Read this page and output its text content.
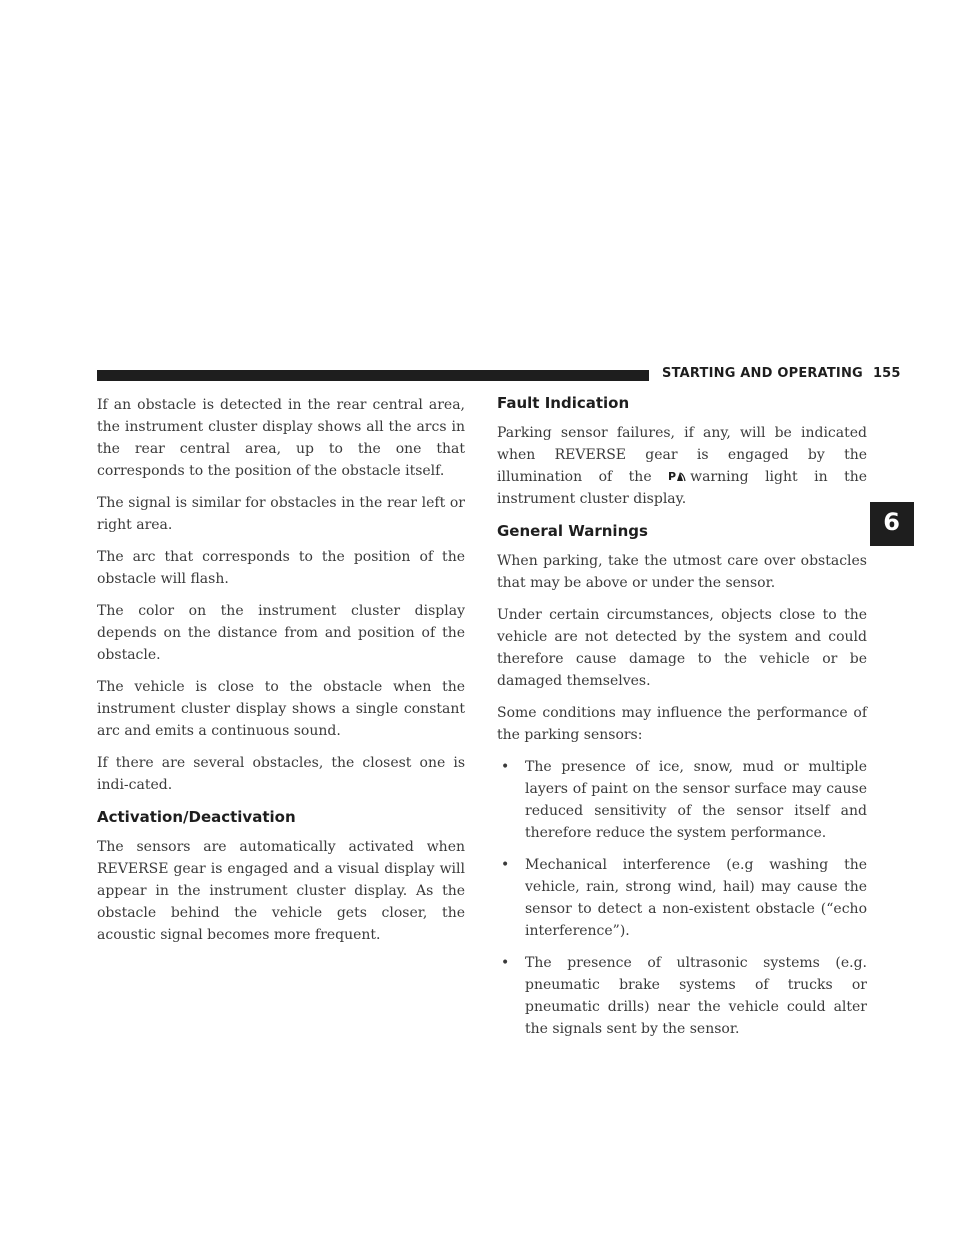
STARTING AND OPERATING 155
6

If an obstacle is detected in the rear central area, the instrument cluster display shows all the arcs in the rear central area, up to the one that corresponds to the position of the obstacle itself.

The signal is similar for obstacles in the rear left or right area.

The arc that corresponds to the position of the obstacle will flash.

The color on the instrument cluster display depends on the distance from and position of the obstacle.

The vehicle is close to the obstacle when the instrument cluster display shows a single constant arc and emits a continuous sound.

If there are several obstacles, the closest one is indi-cated.

Activation/Deactivation

The sensors are automatically activated when REVERSE gear is engaged and a visual display will appear in the instrument cluster display. As the obstacle behind the vehicle gets closer, the acoustic signal becomes more frequent.

Fault Indication

Parking sensor failures, if any, will be indicated when REVERSE gear is engaged by the illumination of the P warning light in the instrument cluster display.

General Warnings

When parking, take the utmost care over obstacles that may be above or under the sensor.

Under certain circumstances, objects close to the vehicle are not detected by the system and could therefore cause damage to the vehicle or be damaged themselves.

Some conditions may influence the performance of the parking sensors:

• The presence of ice, snow, mud or multiple layers of paint on the sensor surface may cause reduced sensitivity of the sensor itself and therefore reduce the system performance.
• Mechanical interference (e.g washing the vehicle, rain, strong wind, hail) may cause the sensor to detect a non-existent obstacle (“echo interference”).
• The presence of ultrasonic systems (e.g. pneumatic brake systems of trucks or pneumatic drills) near the vehicle could alter the signals sent by the sensor.
